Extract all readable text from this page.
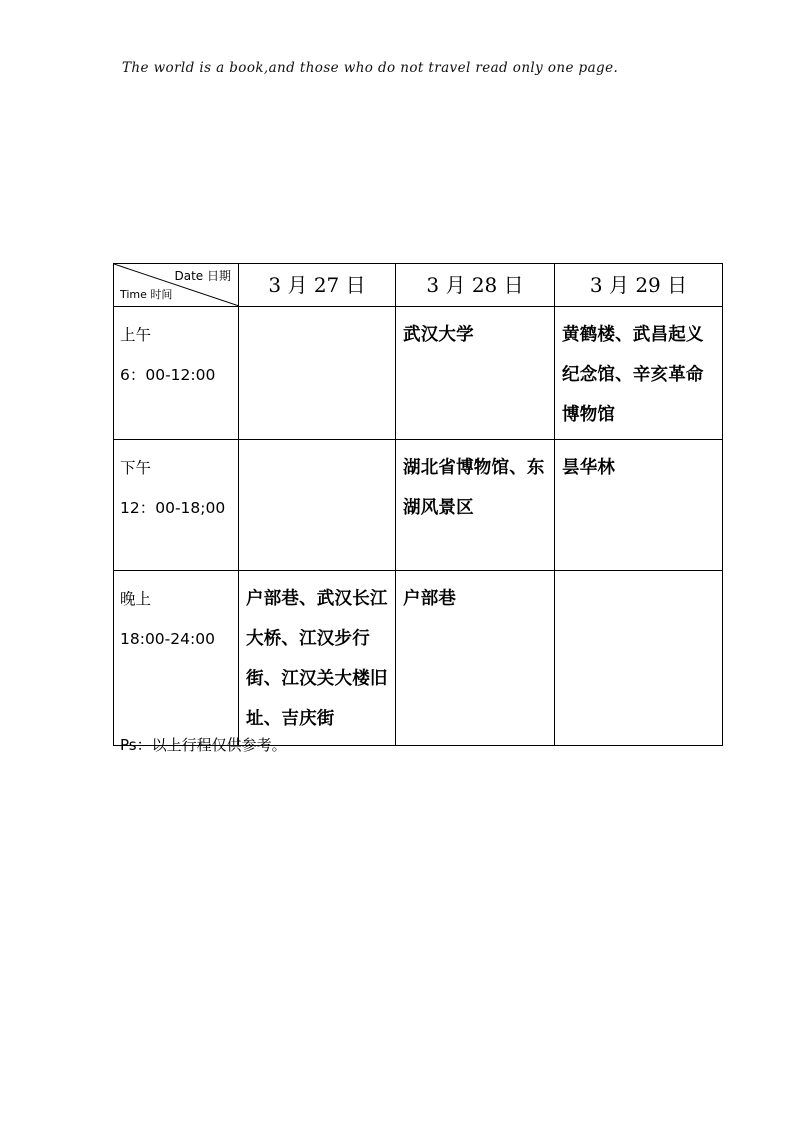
The world is a book,and those who do not travel read only one page.
Date 日期
Time 时间	3 月 27 日	3 月 28 日	3 月 29 日

上午
6：00-12:00		武汉大学	黄鹤楼、武昌起义纪念馆、辛亥革命博物馆

下午
12：00-18;00		湖北省博物馆、东湖风景区	昙华林

晚上
18:00-24:00	户部巷、武汉长江大桥、江汉步行街、江汉关大楼旧址、吉庆街	户部巷	
Ps：以上行程仅供参考。
